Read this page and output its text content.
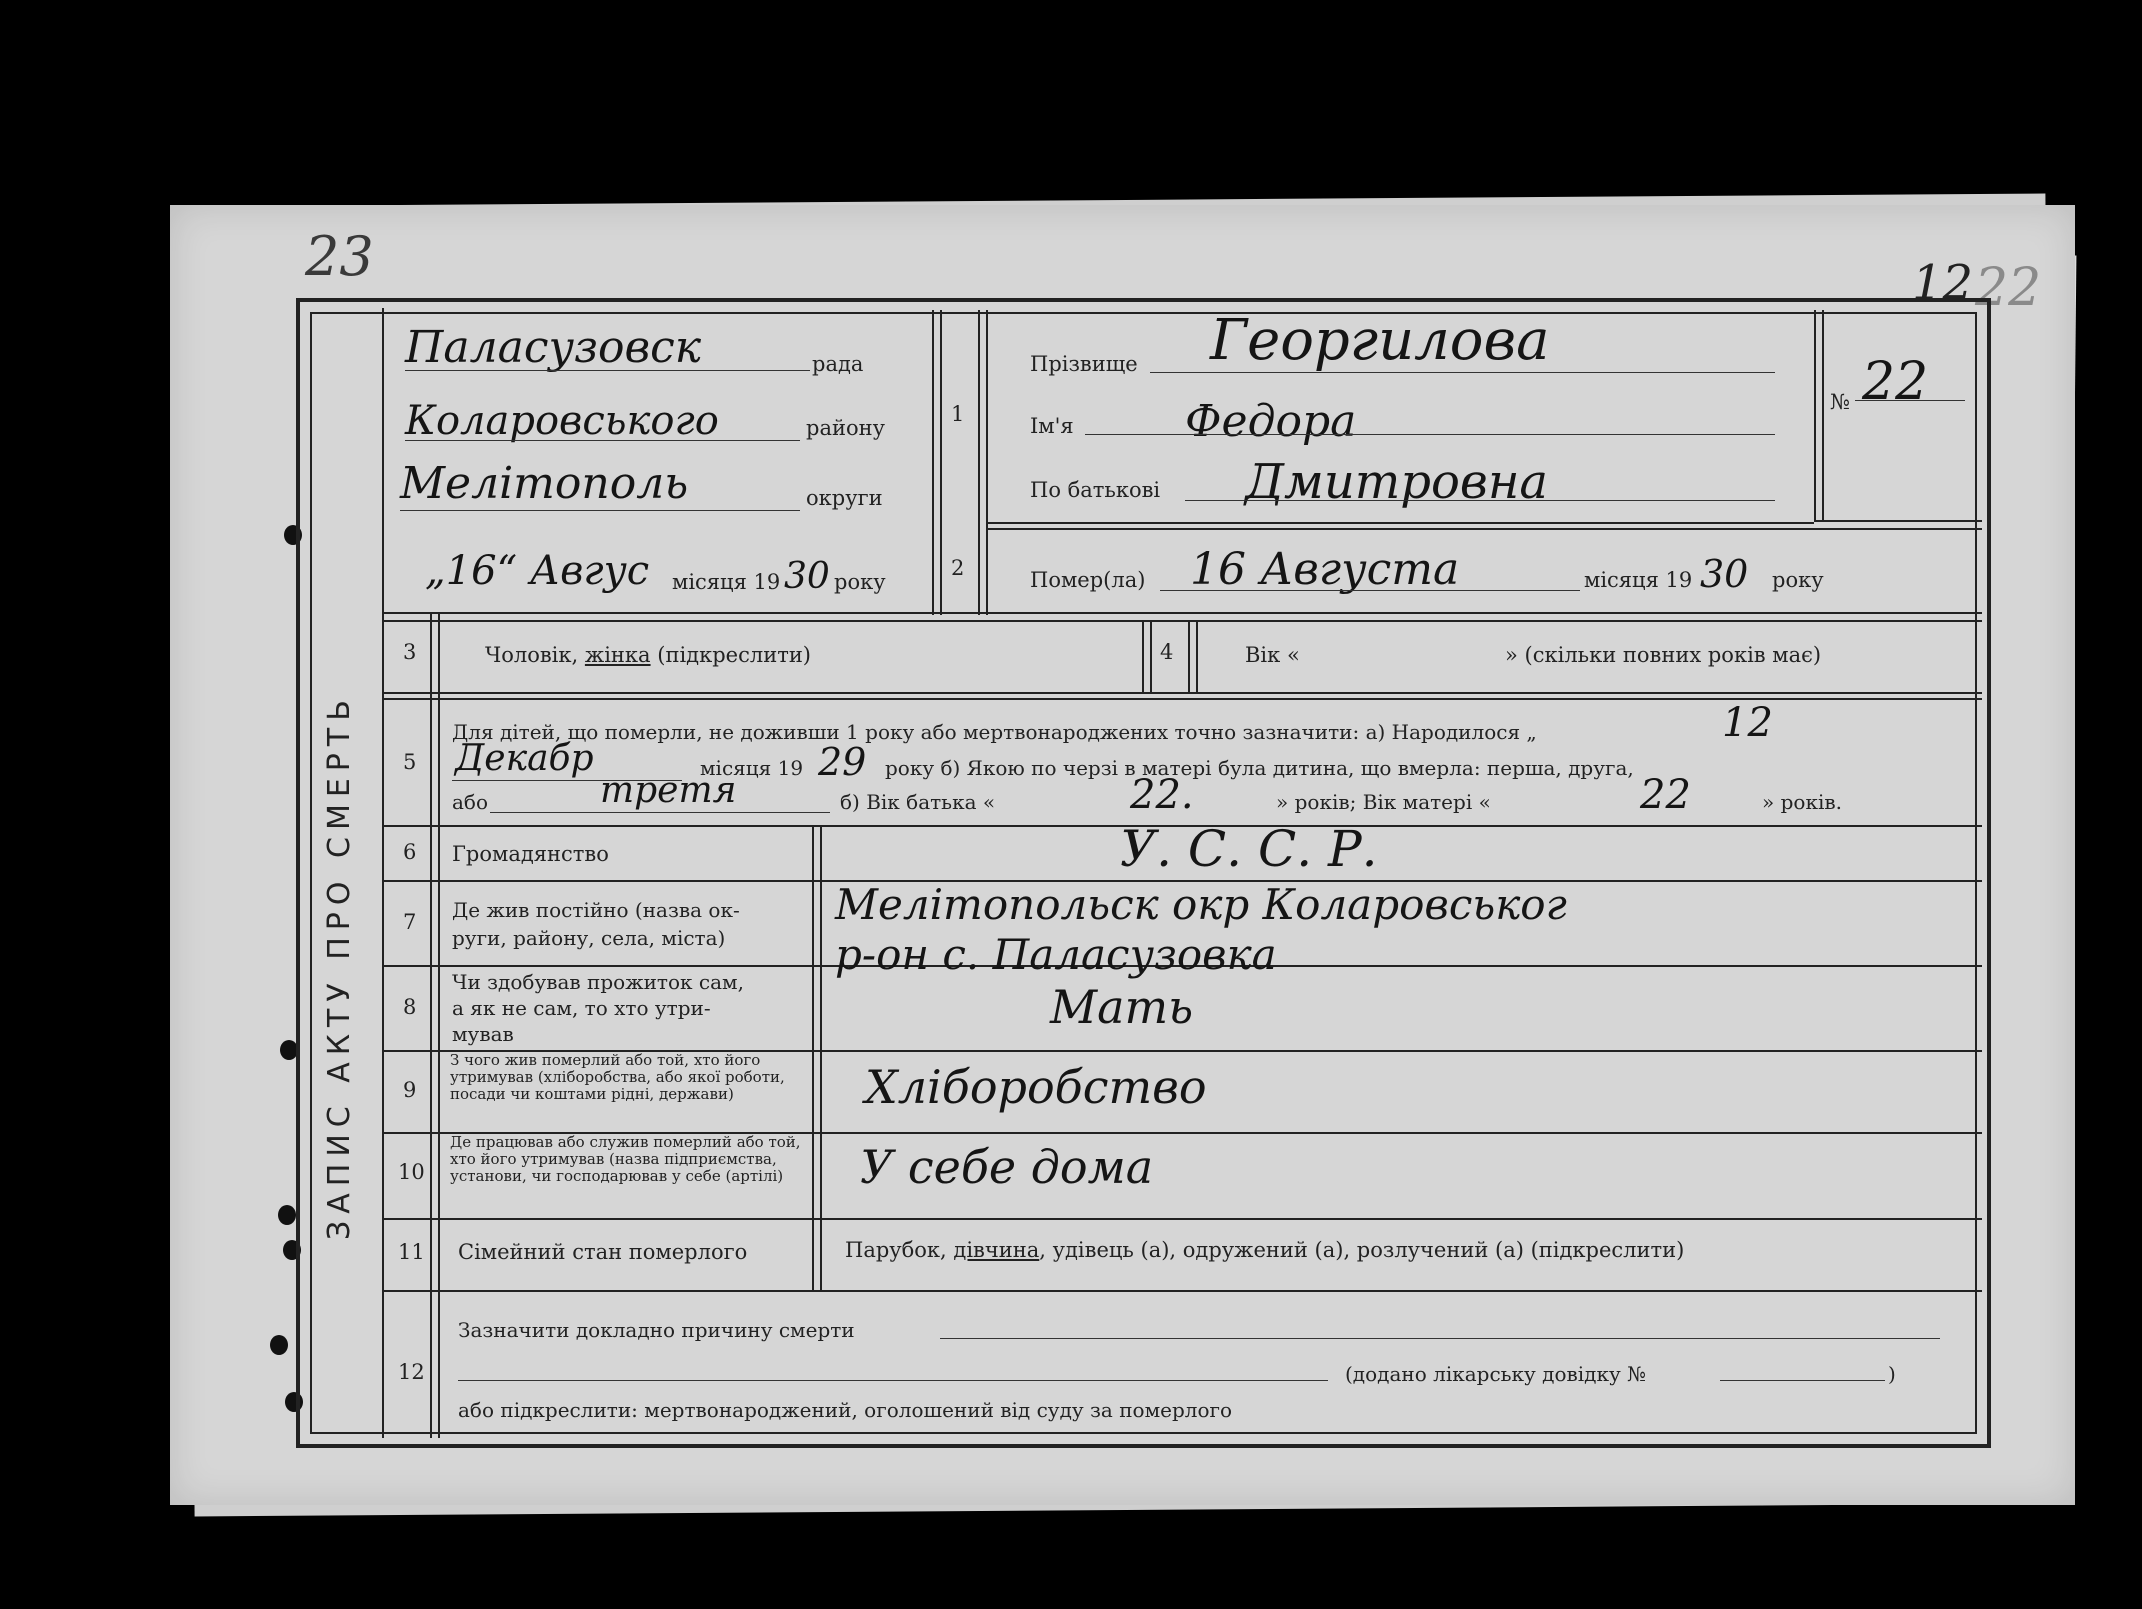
23	12 22
ЗАПИС АКТУ ПРО СМЕРТЬ
Паласузовск	рада
Коларовського	району
Мелітополь	округи
„16“ Авгус місяця 19 30 року
№ 22
1
Прізвище Георгилова
Ім'я	Федора
По батькові Дмитровна
2	Помер(ла) 16 Августа	місяця 19 30 року
3	Чоловік, жінка (підкреслити)	4	Вік «	» (скільки повних років має)
5
Для дітей, що померли, не доживши 1 року або мертвонароджених точно зазначити: а) Народилося „	12
Декабр	місяця 19 29 року б) Якою по черзі в матері була дитина, що вмерла: перша, друга,
або	третя	б) Вік батька «	22.	» років; Вік матері «	22	» років.
6 Громадянство	У. С. С. Р.
7 Де жив постійно (назва ок-
руги, району, села, міста)
Мелітопольск окр Коларовськог
р-он с. Паласузовка
8
Чи здобував прожиток сам,
а як не сам, то хто утри-
мував	Мать
9
З чого жив померлий або той, хто його утримував (хліборобства, або якої роботи, посади чи коштами рідні, держави)	Хліборобство
10
Де працював або служив померлий або той, хто його утримував (назва підприємства, установи, чи господарював у себе (артілі)	У себе дома
11 Сімейний стан померлого	Парубок, дівчина, удівець (а), одружений (а), розлучений (а) (підкреслити)
12
Зазначити докладно причину смерти
(додано лікарську довідку №	)
або підкреслити: мертвонароджений, оголошений від суду за померлого
